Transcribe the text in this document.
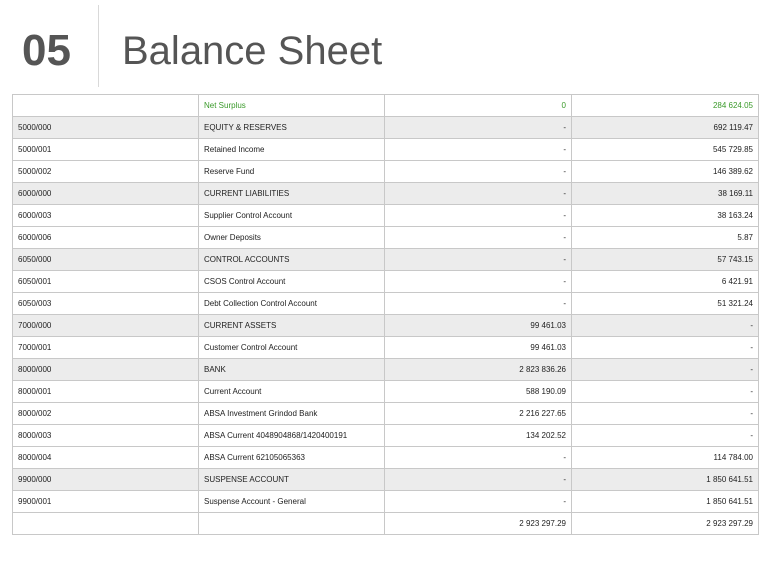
05 Balance Sheet
	Net Surplus	0	284 624.05
5000/000	EQUITY & RESERVES	-	692 119.47
5000/001	Retained Income	-	545 729.85
5000/002	Reserve Fund	-	146 389.62
6000/000	CURRENT LIABILITIES	-	38 169.11
6000/003	Supplier Control Account	-	38 163.24
6000/006	Owner Deposits	-	5.87
6050/000	CONTROL ACCOUNTS	-	57 743.15
6050/001	CSOS Control Account	-	6 421.91
6050/003	Debt Collection Control Account	-	51 321.24
7000/000	CURRENT ASSETS	99 461.03	-
7000/001	Customer Control Account	99 461.03	-
8000/000	BANK	2 823 836.26	-
8000/001	Current Account	588 190.09	-
8000/002	ABSA Investment Grindod Bank	2 216 227.65	-
8000/003	ABSA Current 4048904868/1420400191	134 202.52	-
8000/004	ABSA Current 62105065363	-	114 784.00
9900/000	SUSPENSE ACCOUNT	-	1 850 641.51
9900/001	Suspense Account - General	-	1 850 641.51
		2 923 297.29	2 923 297.29
